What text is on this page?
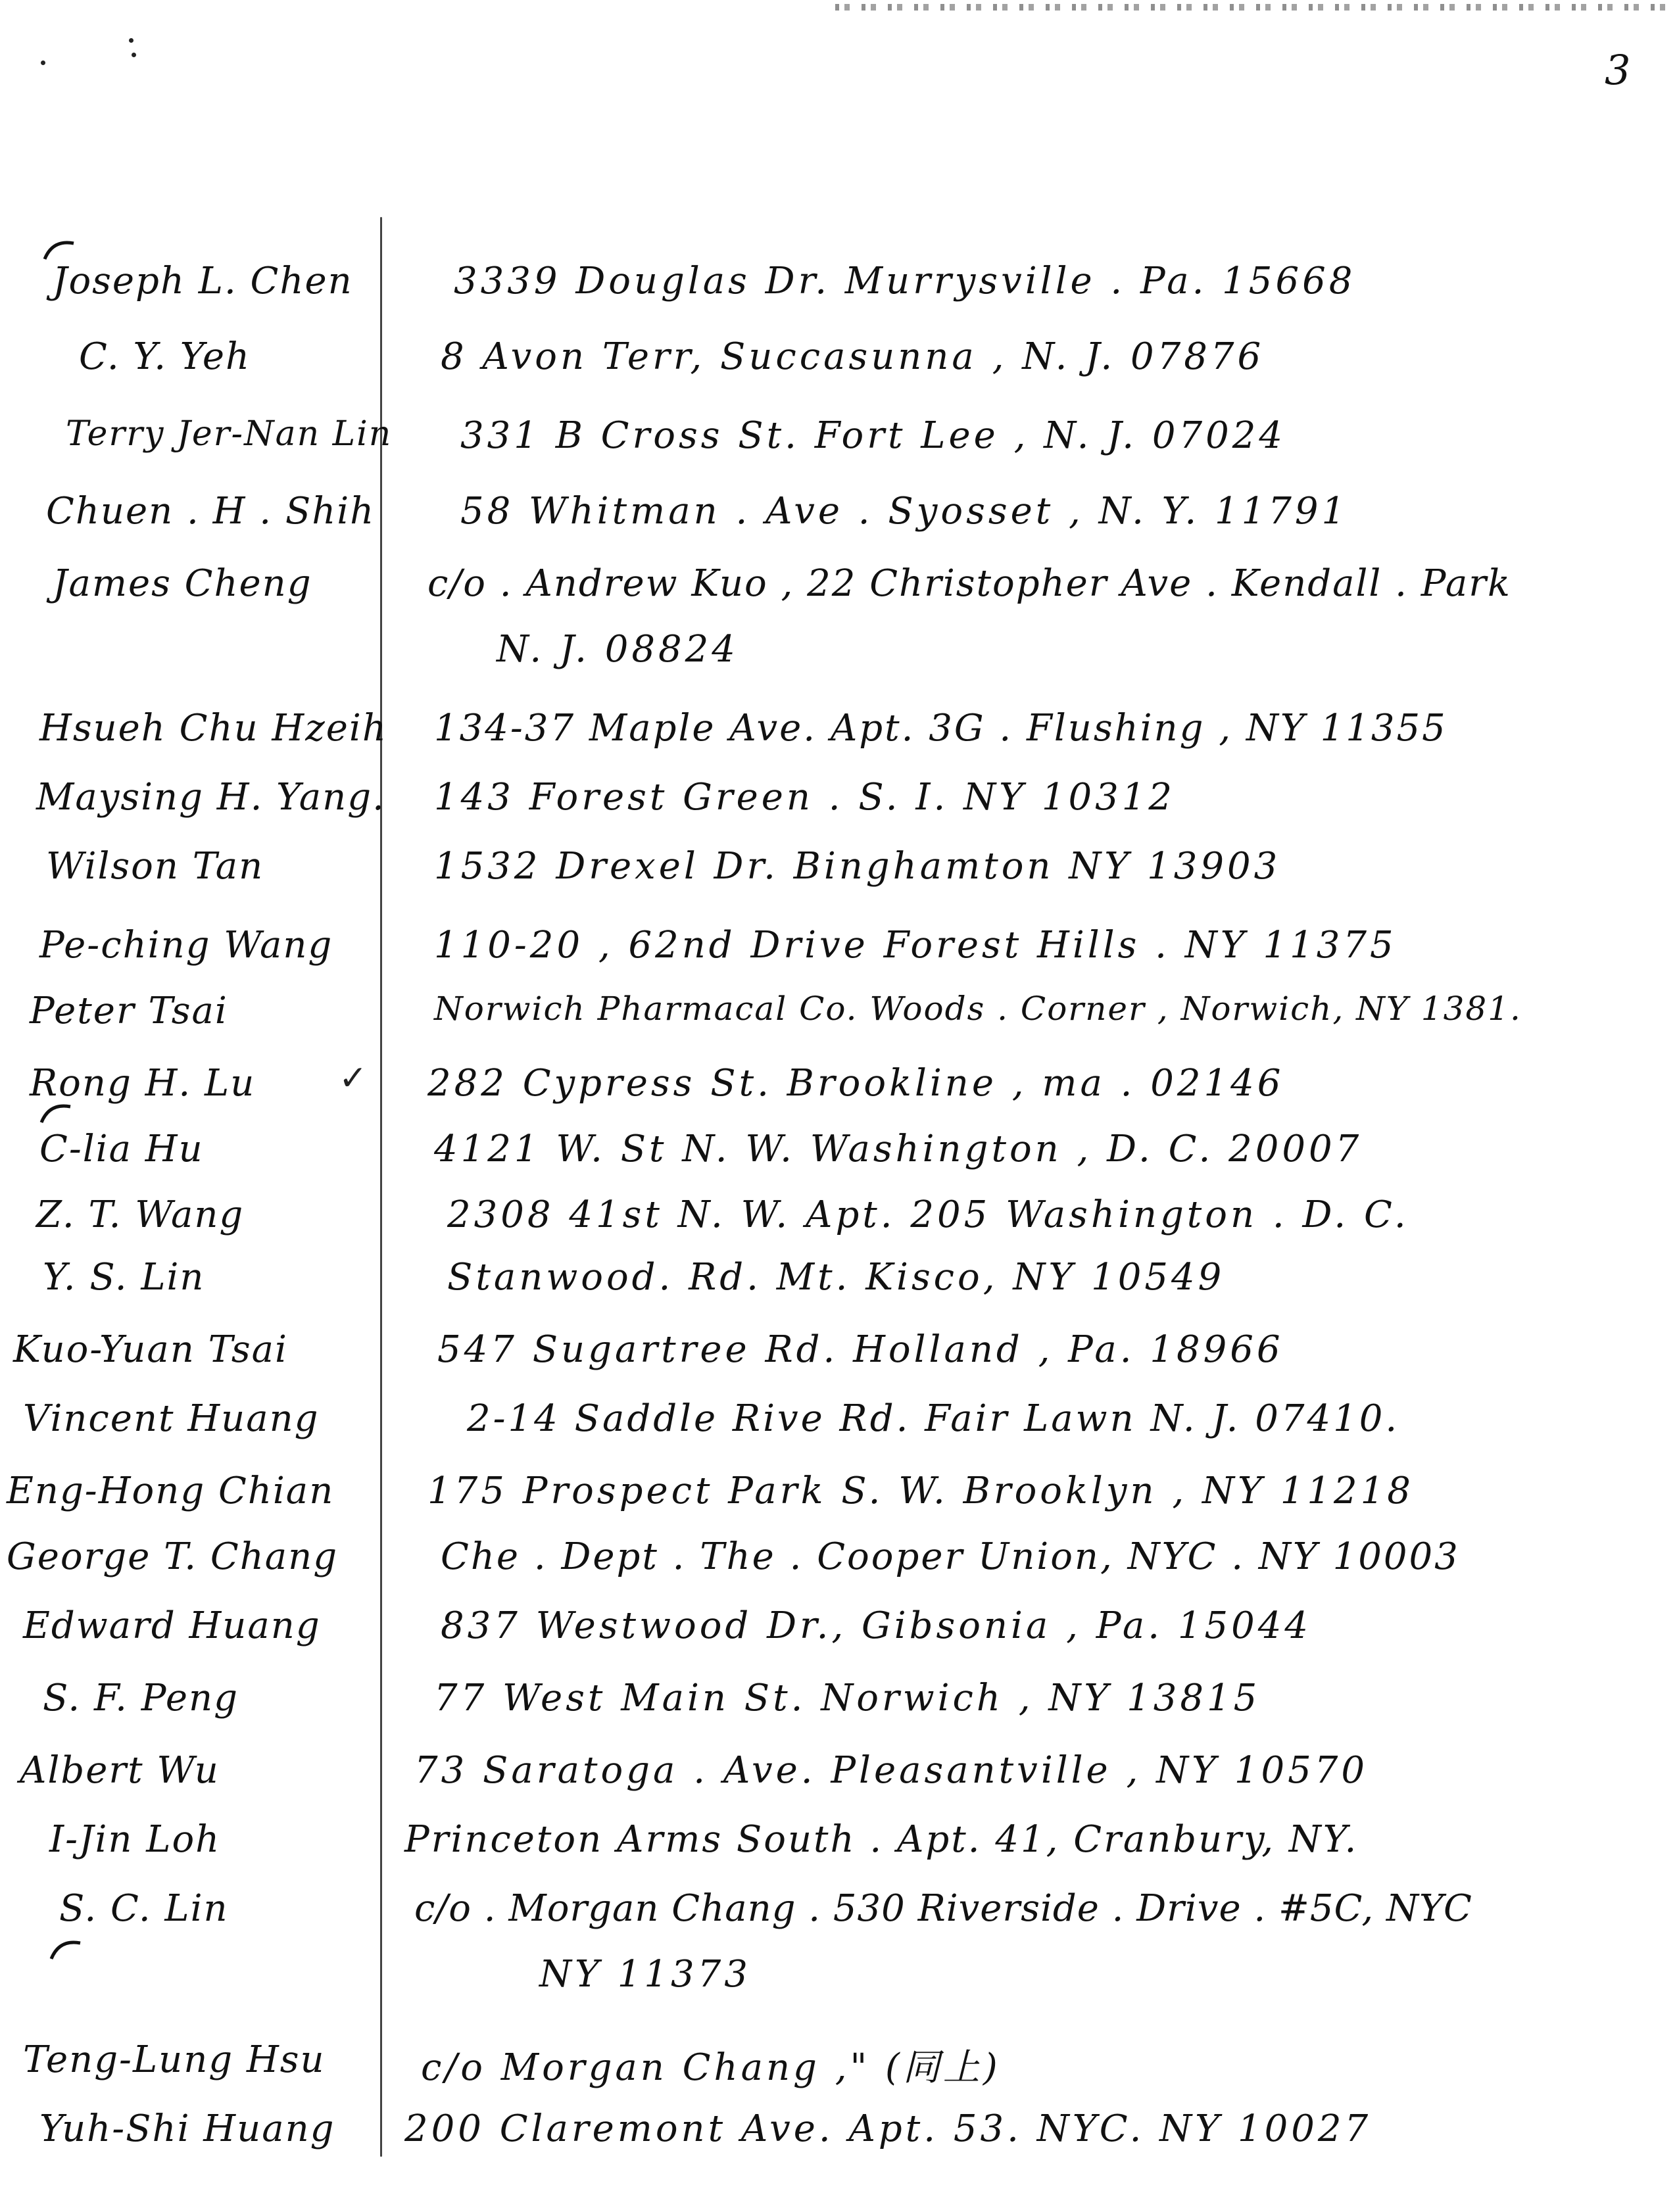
3
Joseph L. Chen	3339 Douglas Dr. Murrysville . Pa. 15668
C. Y. Yeh	8 Avon Terr, Succasunna , N. J. 07876
Terry Jer-Nan Lin 331 B Cross St. Fort Lee , N. J. 07024
Chuen . H . Shih 58 Whitman . Ave . Syosset , N. Y. 11791
James Cheng	c/o . Andrew Kuo , 22 Christopher Ave . Kendall . Park
N. J. 08824
Hsueh Chu Hzeih 134-37 Maple Ave. Apt. 3G . Flushing , NY 11355
Maysing H. Yang. 143 Forest Green . S. I. NY 10312
Wilson Tan	1532 Drexel Dr. Binghamton NY 13903
Pe-ching Wang	110-20 , 62nd Drive Forest Hills . NY 11375
Peter Tsai	Norwich Pharmacal Co. Woods . Corner , Norwich, NY 1381.
Rong H. Lu ✓ 282 Cypress St. Brookline , ma . 02146
C-lia Hu	4121 W. St N. W. Washington , D. C. 20007
Z. T. Wang	2308 41st N. W. Apt. 205 Washington . D. C.
Y. S. Lin	Stanwood. Rd. Mt. Kisco, NY 10549
Kuo-Yuan Tsai	547 Sugartree Rd. Holland , Pa. 18966
Vincent Huang	2-14 Saddle Rive Rd. Fair Lawn N. J. 07410.
Eng-Hong Chian	175 Prospect Park S. W. Brooklyn , NY 11218
George T. Chang	Che . Dept . The . Cooper Union, NYC . NY 10003
Edward Huang	837 Westwood Dr., Gibsonia , Pa. 15044
S. F. Peng	77 West Main St. Norwich , NY 13815
Albert Wu	73 Saratoga . Ave. Pleasantville , NY 10570
I-Jin Loh	Princeton Arms South . Apt. 41, Cranbury, NY.
S. C. Lin	c/o . Morgan Chang . 530 Riverside . Drive . #5C, NYC
NY 11373
Teng-Lung Hsu	c/o Morgan Chang ," (同上)
Yuh-Shi Huang 200 Claremont Ave. Apt. 53. NYC. NY 10027
